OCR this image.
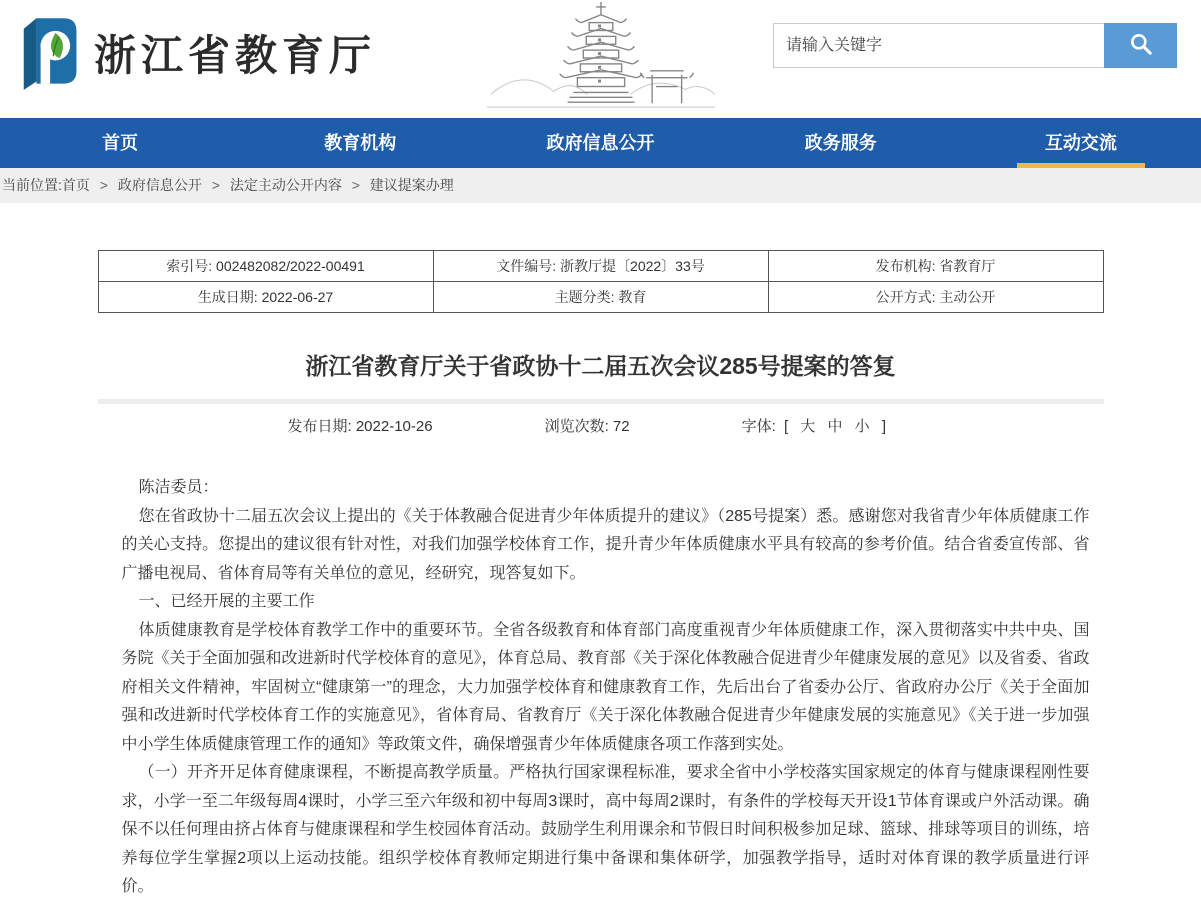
浙江省教育厅
请输入关键字
首页	教育机构	政府信息公开	政务服务	互动交流
当前位置:首页 > 政府信息公开 > 法定主动公开内容 > 建议提案办理
索引号: 002482082/2022-00491	文件编号: 浙教厅提〔2022〕33号	发布机构: 省教育厅
生成日期: 2022-06-27	主题分类: 教育	公开方式: 主动公开
浙江省教育厅关于省政协十二届五次会议285号提案的答复
发布日期: 2022-10-26	浏览次数: 72	字体: [ 大 中 小 ]

陈洁委员：

您在省政协十二届五次会议上提出的《关于体教融合促进青少年体质提升的建议》（285号提案）悉。感谢您对我省青少年体质健康工作的关心支持。您提出的建议很有针对性，对我们加强学校体育工作，提升青少年体质健康水平具有较高的参考价值。结合省委宣传部、省广播电视局、省体育局等有关单位的意见，经研究，现答复如下。

一、已经开展的主要工作

体质健康教育是学校体育教学工作中的重要环节。全省各级教育和体育部门高度重视青少年体质健康工作，深入贯彻落实中共中央、国务院《关于全面加强和改进新时代学校体育的意见》，体育总局、教育部《关于深化体教融合促进青少年健康发展的意见》以及省委、省政府相关文件精神，牢固树立“健康第一”的理念，大力加强学校体育和健康教育工作，先后出台了省委办公厅、省政府办公厅《关于全面加强和改进新时代学校体育工作的实施意见》，省体育局、省教育厅《关于深化体教融合促进青少年健康发展的实施意见》《关于进一步加强中小学生体质健康管理工作的通知》等政策文件，确保增强青少年体质健康各项工作落到实处。

（一）开齐开足体育健康课程，不断提高教学质量。严格执行国家课程标准，要求全省中小学校落实国家规定的体育与健康课程刚性要求，小学一至二年级每周4课时，小学三至六年级和初中每周3课时，高中每周2课时，有条件的学校每天开设1节体育课或户外活动课。确保不以任何理由挤占体育与健康课程和学生校园体育活动。鼓励学生利用课余和节假日时间积极参加足球、篮球、排球等项目的训练，培养每位学生掌握2项以上运动技能。组织学校体育教师定期进行集中备课和集体研学，加强教学指导，适时对体育课的教学质量进行评价。
